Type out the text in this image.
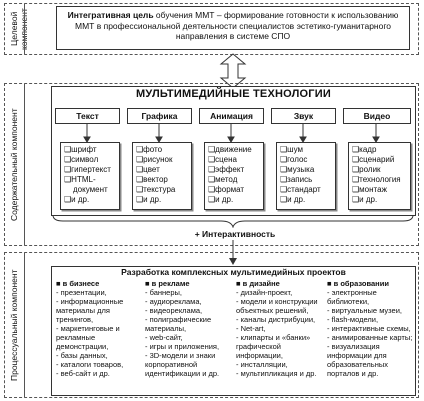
Целевой компонент	Интегративная цель обучения ММТ – формирование готовности к использованию ММТ в профессиональной деятельности специалистов эстетико-гуманитарного направления в системе СПО
Содержательный компонент
МУЛЬТИМЕДИЙНЫЕ ТЕХНОЛОГИИ
Текст	Графика	Анимация	Звук	Видео
❑шрифт
❑символ
❑гипертекст
❑HTML-
документ
❑и др.
❑фото
❑рисунок
❑цвет
❑вектор
❑текстура
❑и др.
❑движение
❑сцена
❑эффект
❑метод
❑формат
❑и др.
❑шум
❑голос
❑музыка
❑запись
❑стандарт
❑и др.
❑кадр
❑сценарий
❑ролик
❑технология
❑монтаж
❑и др.
+ Интерактивность
Процессуальный компонент	Разработка комплексных мультимедийных проектов
■ в бизнесе
- презентации,
- информационные
материалы для
тренингов,
- маркетинговые и
рекламные
демонстрации,
- базы данных,
- каталоги товаров,
- веб-сайт и др.
■ в рекламе
- баннеры,
- аудиореклама,
- видеореклама,
- полиграфические
материалы,
- web-сайт,
- игры и приложения,
- 3D-модели и знаки
корпоративной
идентификации и др.
■ в дизайне
- дизайн-проект,
- модели и конструкции
объектных решений,
- каналы дистрибуции,
- Net-art,
- клипарты и «банки»
графической
информации,
- инсталляции,
- мультипликация и др.
■ в образовании
- электронные
библиотеки,
- виртуальные музеи,
- flash-модели,
- интерактивные схемы,
- анимированные карты;
- визуализация
информации для
образовательных
порталов и др.
